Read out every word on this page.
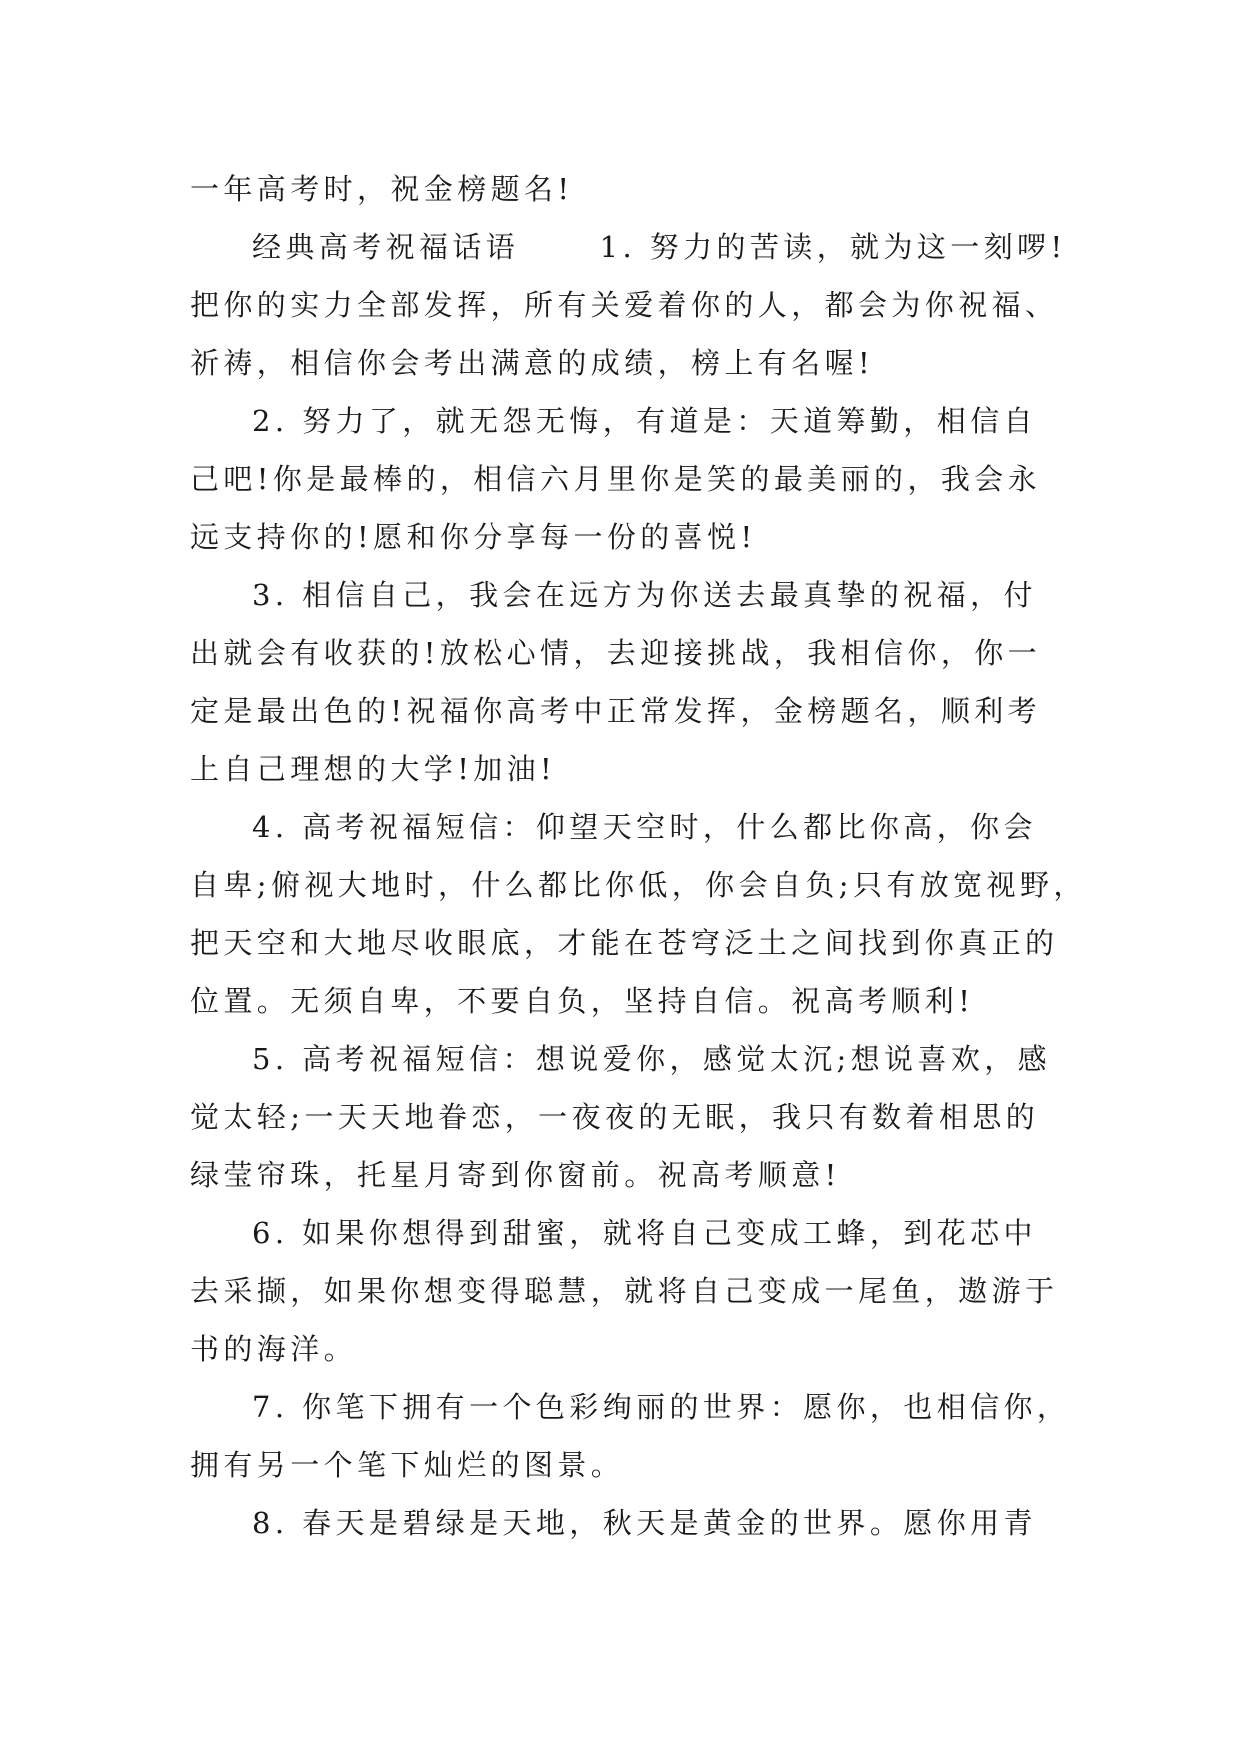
一年高考时，祝金榜题名!
经典高考祝福话语　　 1. 努力的苦读，就为这一刻啰!
把你的实力全部发挥，所有关爱着你的人，都会为你祝福、
祈祷，相信你会考出满意的成绩，榜上有名喔!
2. 努力了，就无怨无悔，有道是：天道筹勤，相信自
己吧!你是最棒的，相信六月里你是笑的最美丽的，我会永
远支持你的!愿和你分享每一份的喜悦!
3. 相信自己，我会在远方为你送去最真挚的祝福，付
出就会有收获的!放松心情，去迎接挑战，我相信你，你一
定是最出色的!祝福你高考中正常发挥，金榜题名，顺利考
上自己理想的大学!加油!
4. 高考祝福短信：仰望天空时，什么都比你高，你会
自卑;俯视大地时，什么都比你低，你会自负;只有放宽视野，
把天空和大地尽收眼底，才能在苍穹泛土之间找到你真正的
位置。无须自卑，不要自负，坚持自信。祝高考顺利!
5. 高考祝福短信：想说爱你，感觉太沉;想说喜欢，感
觉太轻;一天天地眷恋，一夜夜的无眠，我只有数着相思的
绿莹帘珠，托星月寄到你窗前。祝高考顺意!
6. 如果你想得到甜蜜，就将自己变成工蜂，到花芯中
去采撷，如果你想变得聪慧，就将自己变成一尾鱼，遨游于
书的海洋。
7. 你笔下拥有一个色彩绚丽的世界：愿你，也相信你，
拥有另一个笔下灿烂的图景。
8. 春天是碧绿是天地，秋天是黄金的世界。愿你用青
